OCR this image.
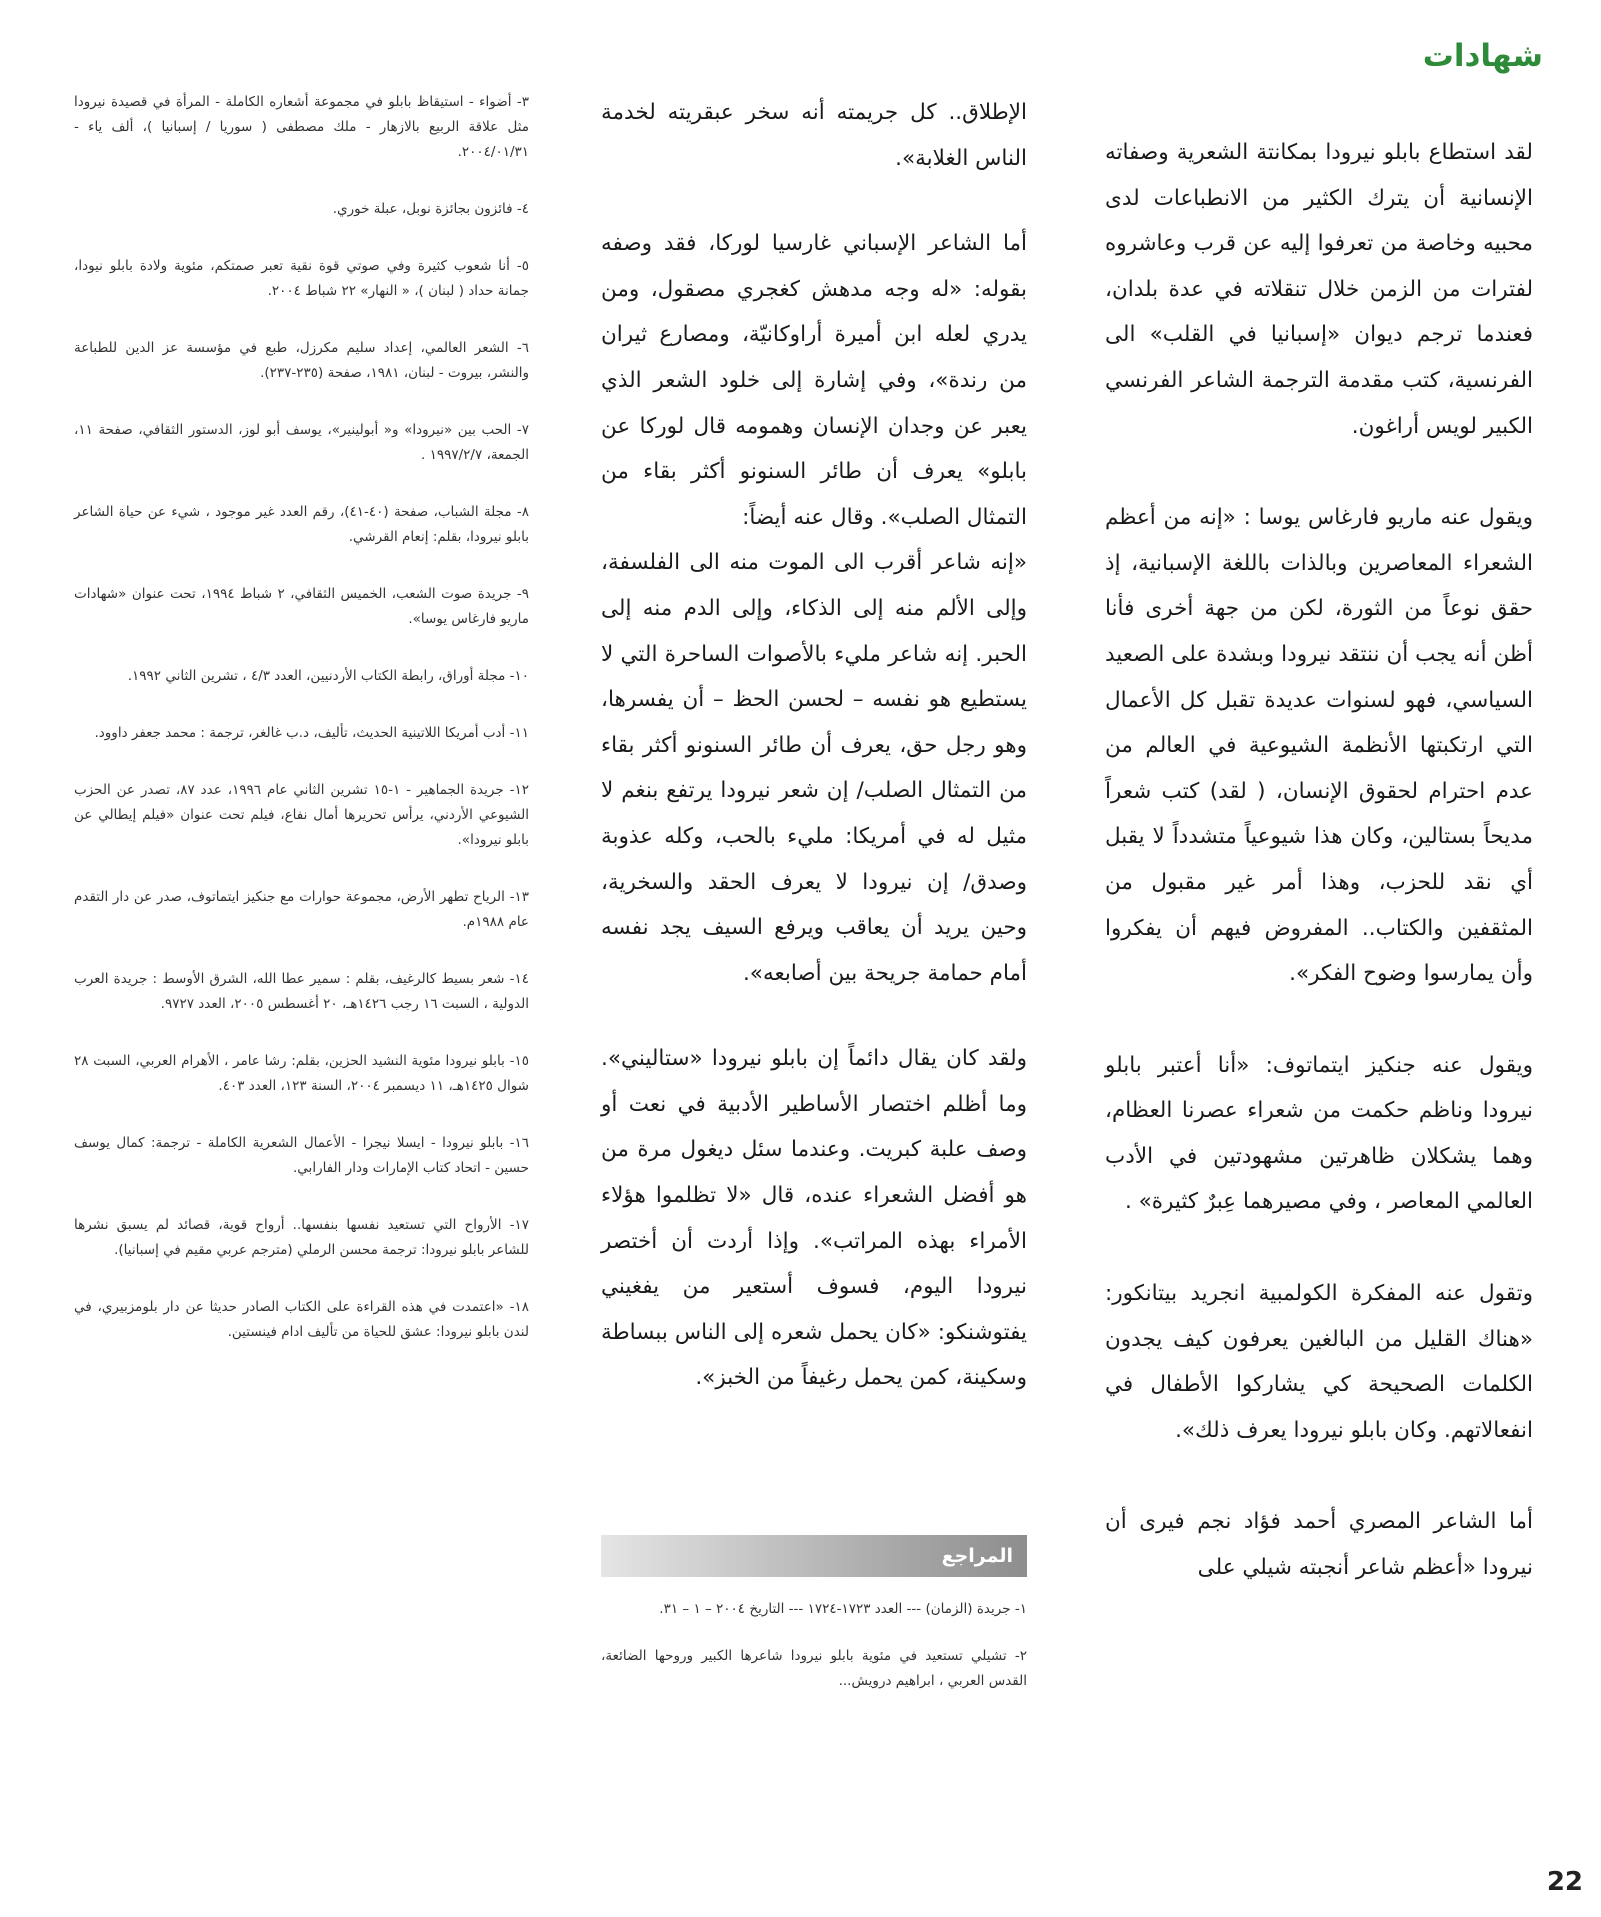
شهادات

لقد استطاع بابلو نيرودا بمكانتة الشعرية وصفاته الإنسانية أن يترك الكثير من الانطباعات لدى محبيه وخاصة من تعرفوا إليه عن قرب وعاشروه لفترات من الزمن خلال تنقلاته في عدة بلدان، فعندما ترجم ديوان «إسبانيا في القلب» الى الفرنسية، كتب مقدمة الترجمة الشاعر الفرنسي الكبير لويس أراغون.

ويقول عنه ماريو فارغاس يوسا : «إنه من أعظم الشعراء المعاصرين وبالذات باللغة الإسبانية، إذ حقق نوعاً من الثورة، لكن من جهة أخرى فأنا أظن أنه يجب أن ننتقد نيرودا وبشدة على الصعيد السياسي، فهو لسنوات عديدة تقبل كل الأعمال التي ارتكبتها الأنظمة الشيوعية في العالم من عدم احترام لحقوق الإنسان، ( لقد) كتب شعراً مديحاً بستالين، وكان هذا شيوعياً متشدداً لا يقبل أي نقد للحزب، وهذا أمر غير مقبول من المثقفين والكتاب.. المفروض فيهم أن يفكروا وأن يمارسوا وضوح الفكر».

ويقول عنه جنكيز ايتماتوف: «أنا أعتبر بابلو نيرودا وناظم حكمت من شعراء عصرنا العظام، وهما يشكلان ظاهرتين مشهودتين في الأدب العالمي المعاصر ، وفي مصيرهما عِبرٌ كثيرة» .

وتقول عنه المفكرة الكولمبية انجريد بيتانكور: «هناك القليل من البالغين يعرفون كيف يجدون الكلمات الصحيحة كي يشاركوا الأطفال في انفعالاتهم. وكان بابلو نيرودا يعرف ذلك».

أما الشاعر المصري أحمد فؤاد نجم فيرى أن نيرودا «أعظم شاعر أنجبته شيلي على

الإطلاق.. كل جريمته أنه سخر عبقريته لخدمة الناس الغلابة».

أما الشاعر الإسباني غارسيا لوركا، فقد وصفه بقوله: «له وجه مدهش كغجري مصقول، ومن يدري لعله ابن أميرة أراوكانيّة، ومصارع ثيران من رندة»، وفي إشارة إلى خلود الشعر الذي يعبر عن وجدان الإنسان وهمومه قال لوركا عن بابلو» يعرف أن طائر السنونو أكثر بقاء من التمثال الصلب». وقال عنه أيضاً:

«إنه شاعر أقرب الى الموت منه الى الفلسفة، وإلى الألم منه إلى الذكاء، وإلى الدم منه إلى الحبر. إنه شاعر مليء بالأصوات الساحرة التي لا يستطيع هو نفسه – لحسن الحظ – أن يفسرها، وهو رجل حق، يعرف أن طائر السنونو أكثر بقاء من التمثال الصلب/ إن شعر نيرودا يرتفع بنغم لا مثيل له في أمريكا: مليء بالحب، وكله عذوبة وصدق/ إن نيرودا لا يعرف الحقد والسخرية، وحين يريد أن يعاقب ويرفع السيف يجد نفسه أمام حمامة جريحة بين أصابعه».

ولقد كان يقال دائماً إن بابلو نيرودا «ستاليني». وما أظلم اختصار الأساطير الأدبية في نعت أو وصف علبة كبريت. وعندما سئل ديغول مرة من هو أفضل الشعراء عنده، قال «لا تظلموا هؤلاء الأمراء بهذه المراتب». وإذا أردت أن أختصر نيرودا اليوم، فسوف أستعير من يفغيني يفتوشنكو: «كان يحمل شعره إلى الناس ببساطة وسكينة، كمن يحمل رغيفاً من الخبز».

المراجع

١- جريدة (الزمان) --- العدد ١٧٢٣-١٧٢٤ --- التاريخ ٢٠٠٤ – ١ – ٣١.

٢- تشيلي تستعيد في مئوية بابلو نيرودا شاعرها الكبير وروحها الضائعة، القدس العربي ، ابراهيم درويش...

٣- أضواء - استيقاظ بابلو في مجموعة أشعاره الكاملة - المرأة في قصيدة نيرودا مثل علاقة الربيع بالازهار - ملك مصطفى ( سوريا / إسبانيا )، ألف ياء - ٢٠٠٤/٠١/٣١.

٤- فائزون بجائزة نوبل، عبلة خوري.

٥- أنا شعوب كثيرة وفي صوتي قوة نقية تعبر صمتكم، مئوية ولادة بابلو نيودا، جمانة حداد ( لبنان )، « النهار» ٢٢ شباط ٢٠٠٤.

٦- الشعر العالمي، إعداد سليم مكرزل، طبع في مؤسسة عز الدين للطباعة والنشر، بيروت - لبنان، ١٩٨١، صفحة (٢٣٥-٢٣٧).

٧- الحب بين «نيرودا» و« أبولينير»، يوسف أبو لوز، الدستور الثقافي، صفحة ١١، الجمعة، ١٩٩٧/٢/٧ .

٨- مجلة الشباب، صفحة (٤٠-٤١)، رقم العدد غير موجود ، شيء عن حياة الشاعر بابلو نيرودا، بقلم: إنعام القرشي.

٩- جريدة صوت الشعب، الخميس الثقافي، ٢ شباط ١٩٩٤، تحت عنوان «شهادات ماريو فارغاس يوسا».

١٠- مجلة أوراق، رابطة الكتاب الأردنيين، العدد ٤/٣ ، تشرين الثاني ١٩٩٢.

١١- أدب أمريكا اللاتينية الحديث، تأليف، د.ب غالغر، ترجمة : محمد جعفر داوود.

١٢- جريدة الجماهير - ١-١٥ تشرين الثاني عام ١٩٩٦، عدد ٨٧، تصدر عن الحزب الشيوعي الأردني، يرأس تحريرها أمال نفاع، فيلم تحت عنوان «فيلم إيطالي عن بابلو نيرودا».

١٣- الرياح تطهر الأرض، مجموعة حوارات مع جنكيز ايتماتوف، صدر عن دار التقدم عام ١٩٨٨م.

١٤- شعر بسيط كالرغيف، بقلم : سمير عطا الله، الشرق الأوسط : جريدة العرب الدولية ، السبت ١٦ رجب ١٤٢٦هـ، ٢٠ أغسطس ٢٠٠٥، العدد ٩٧٢٧.

١٥- بابلو نيرودا مئوية النشيد الحزين، بقلم: رشا عامر ، الأهرام العربي، السبت ٢٨ شوال ١٤٢٥هـ، ١١ ديسمبر ٢٠٠٤، السنة ١٢٣، العدد ٤٠٣.

١٦- بابلو نيرودا - ايسلا نيجرا - الأعمال الشعرية الكاملة - ترجمة: كمال يوسف حسين - اتحاد كتاب الإمارات ودار الفارابي.

١٧- الأرواح التي تستعيد نفسها بنفسها.. أرواح قوية، قصائد لم يسبق نشرها للشاعر بابلو نيرودا: ترجمة محسن الرملي (مترجم عربي مقيم في إسبانيا).

١٨- «اعتمدت في هذه القراءة على الكتاب الصادر حديثا عن دار بلومزبيري، في لندن بابلو نيرودا: عشق للحياة من تأليف ادام فينستين.

22
